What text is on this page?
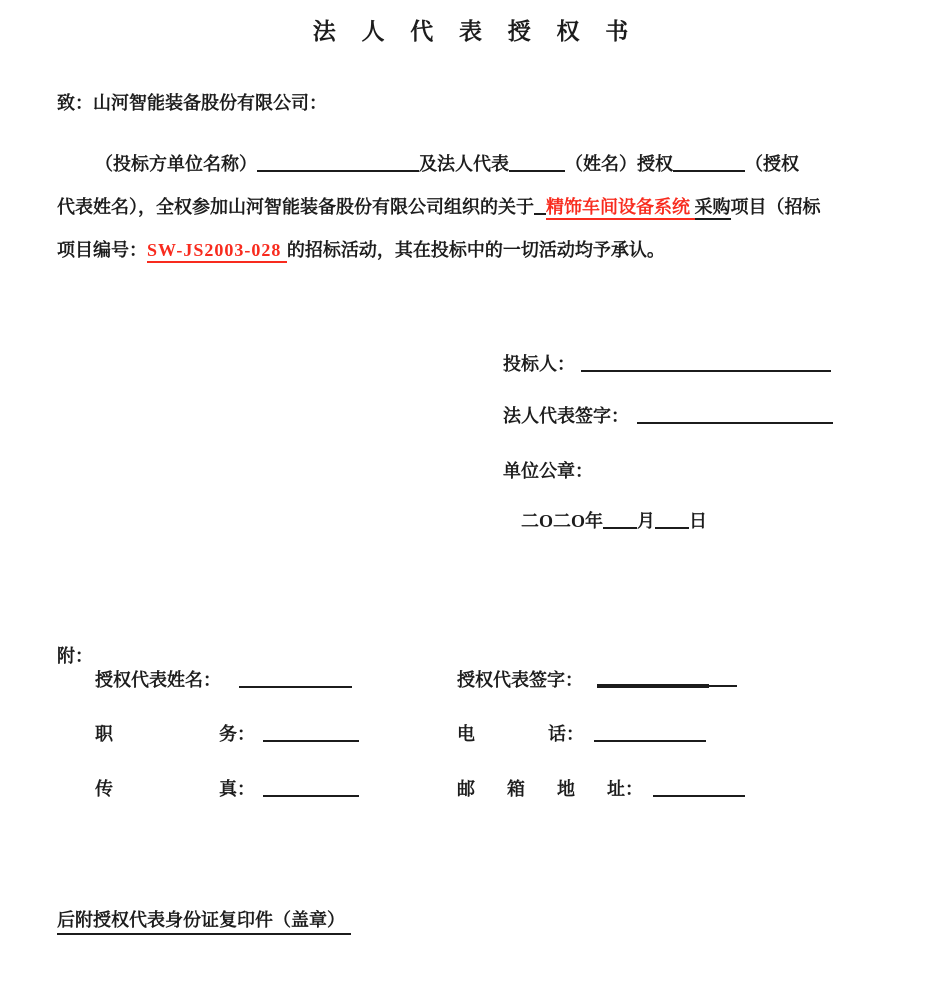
法 人 代 表 授 权 书
致：山河智能装备股份有限公司：
（投标方单位名称）	及法人代表	（姓名）授权	（授权
代表姓名），全权参加山河智能装备股份有限公司组织的关于 精饰车间设备系统 采购项目（招标
项目编号：SW-JS2003-028 的招标活动，其在投标中的一切活动均予承认。
投标人：
法人代表签字：
单位公章：
二O二O年 月 日
附：
授权代表姓名：	授权代表签字：
职	务：	电	话：
传	真：	邮 箱 地 址：
后附授权代表身份证复印件（盖章）
